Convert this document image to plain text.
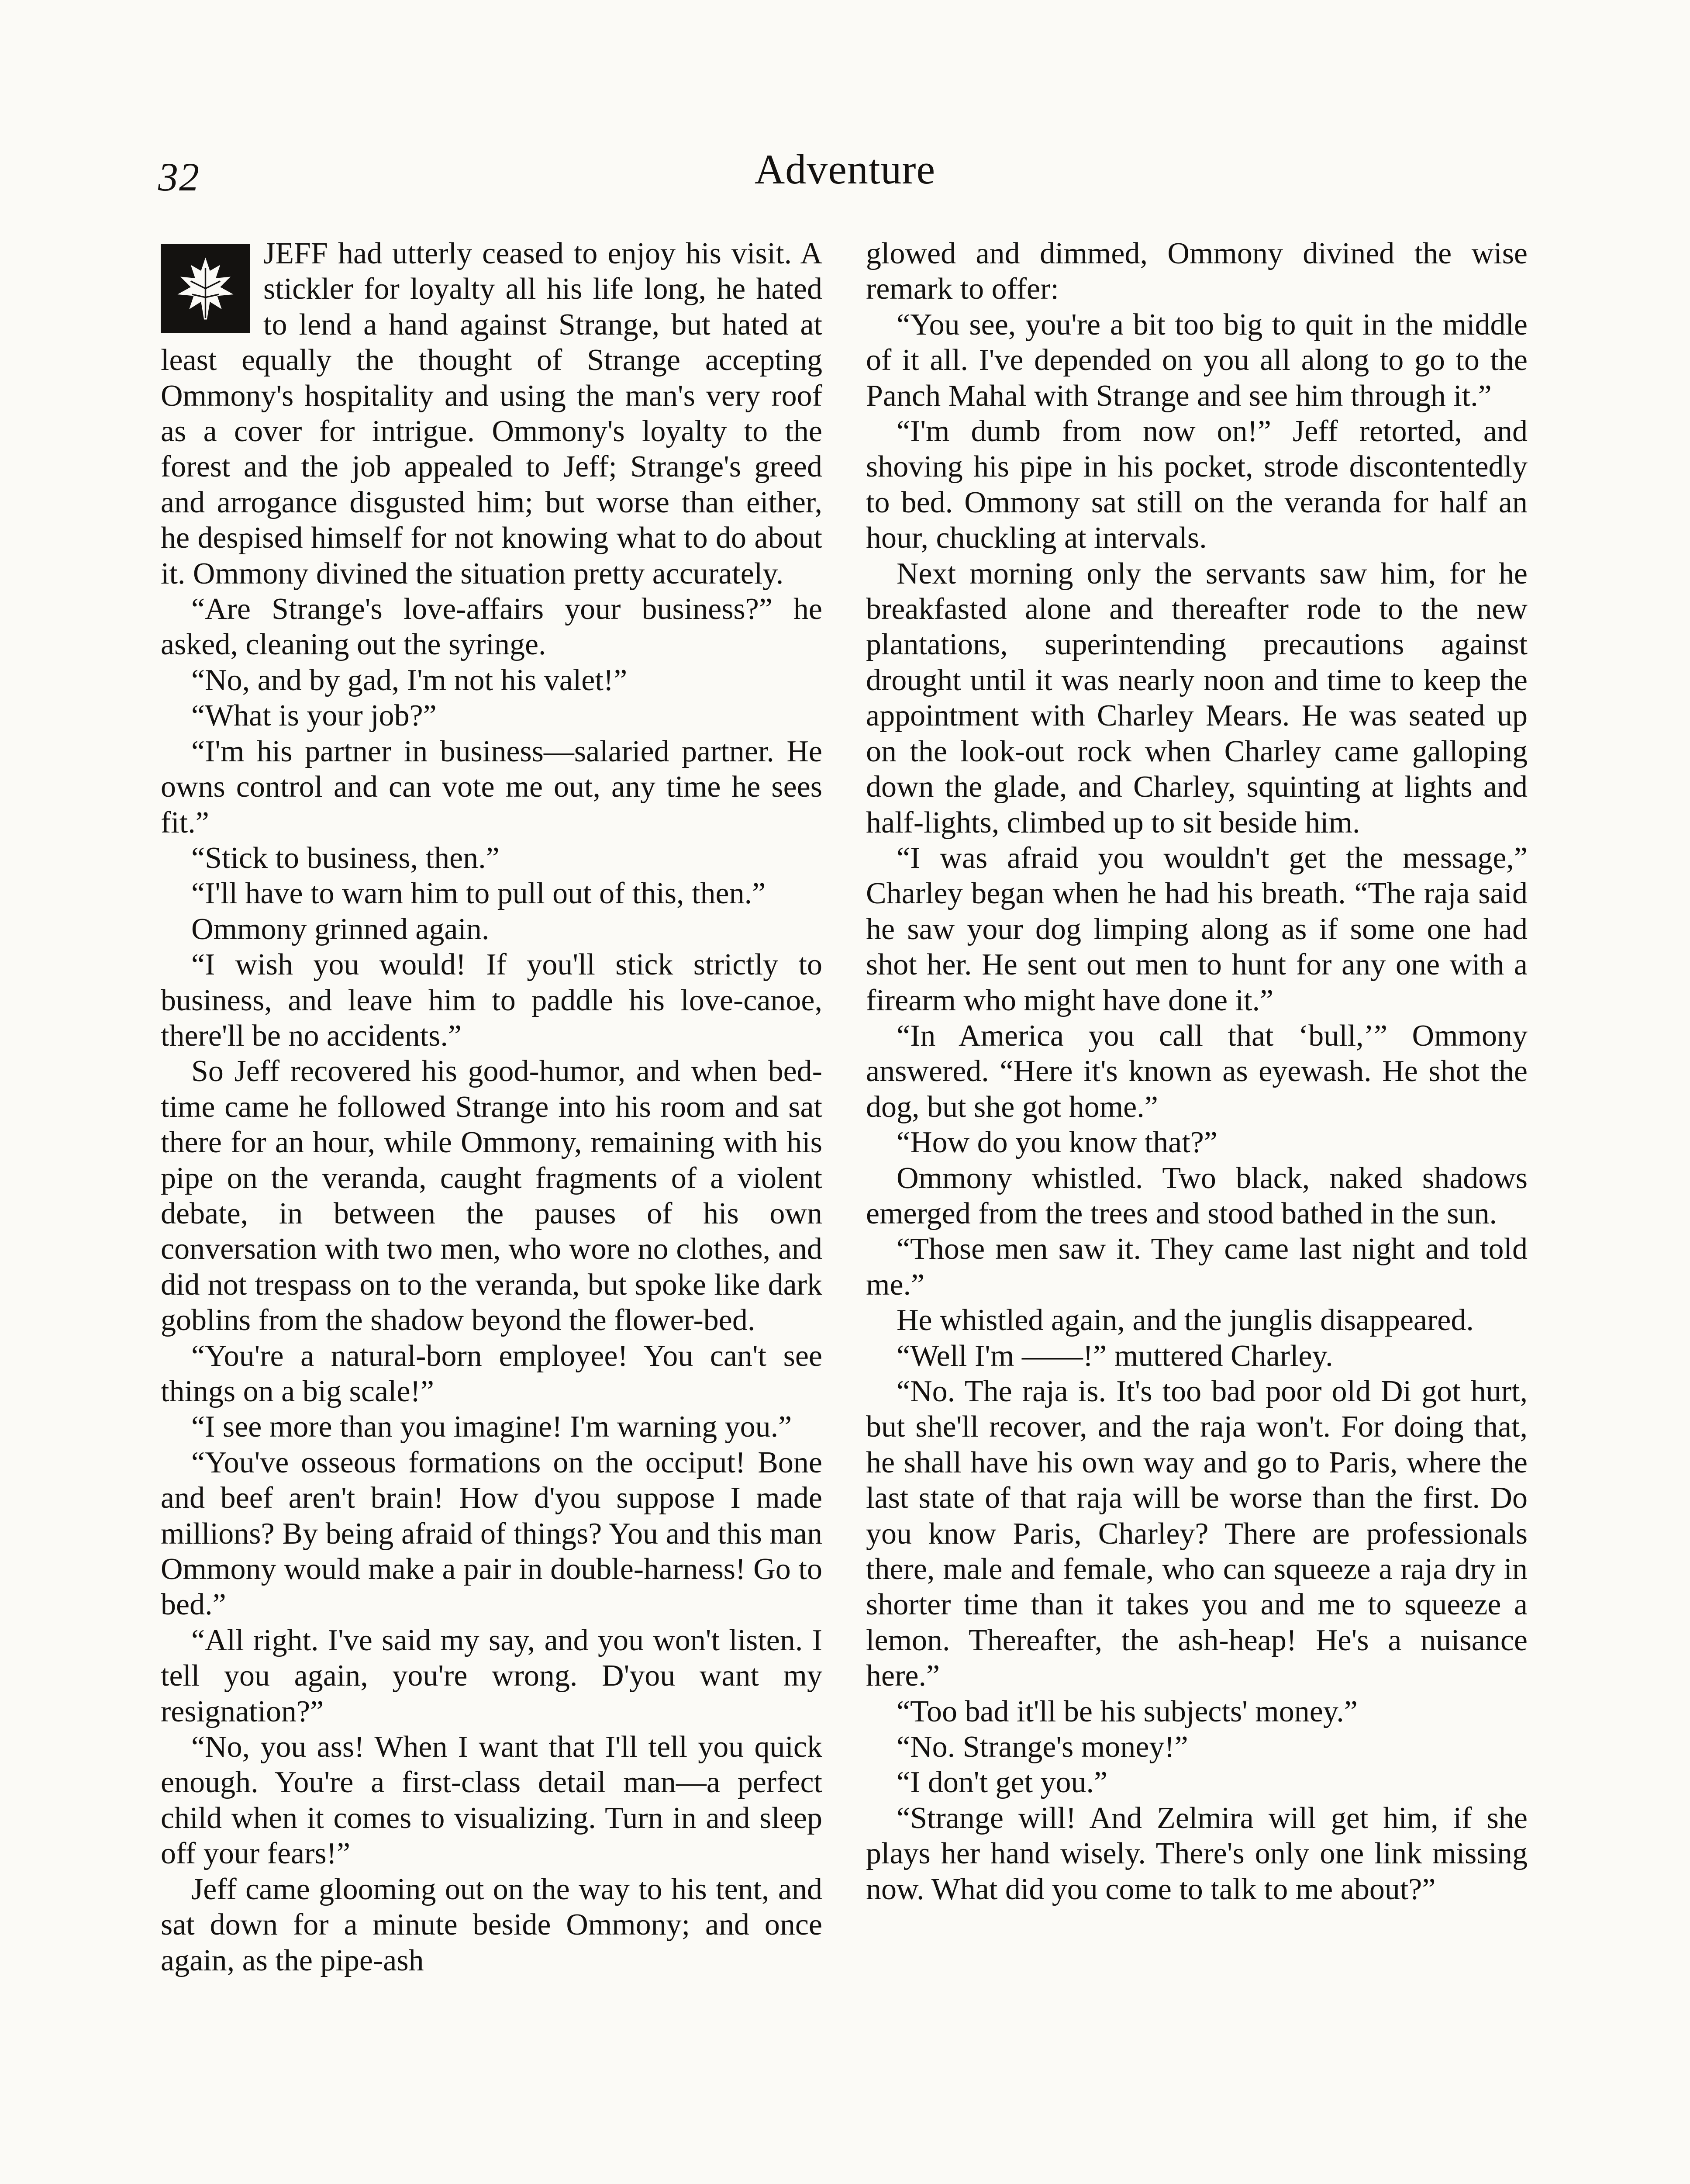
32	Adventure

JEFF had utterly ceased to enjoy his visit. A stickler for loyalty all his life long, he hated to lend a hand against Strange, but hated at least equally the thought of Strange accepting Ommony's hospitality and using the man's very roof as a cover for intrigue. Ommony's loyalty to the forest and the job appealed to Jeff; Strange's greed and arrogance disgusted him; but worse than either, he despised himself for not knowing what to do about it. Ommony divined the situation pretty accurately.

“Are Strange's love-affairs your business?” he asked, cleaning out the syringe.

“No, and by gad, I'm not his valet!”

“What is your job?”

“I'm his partner in business—salaried partner. He owns control and can vote me out, any time he sees fit.”

“Stick to business, then.”

“I'll have to warn him to pull out of this, then.”

Ommony grinned again.

“I wish you would! If you'll stick strictly to business, and leave him to paddle his love-canoe, there'll be no accidents.”

So Jeff recovered his good-humor, and when bed-time came he followed Strange into his room and sat there for an hour, while Ommony, remaining with his pipe on the veranda, caught fragments of a violent debate, in between the pauses of his own conversation with two men, who wore no clothes, and did not trespass on to the veranda, but spoke like dark goblins from the shadow beyond the flower-bed.

“You're a natural-born employee! You can't see things on a big scale!”

“I see more than you imagine! I'm warning you.”

“You've osseous formations on the occiput! Bone and beef aren't brain! How d'you suppose I made millions? By being afraid of things? You and this man Ommony would make a pair in double-harness! Go to bed.”

“All right. I've said my say, and you won't listen. I tell you again, you're wrong. D'you want my resignation?”

“No, you ass! When I want that I'll tell you quick enough. You're a first-class detail man—a perfect child when it comes to visualizing. Turn in and sleep off your fears!”

Jeff came glooming out on the way to his tent, and sat down for a minute beside Ommony; and once again, as the pipe-ash

glowed and dimmed, Ommony divined the wise remark to offer:

“You see, you're a bit too big to quit in the middle of it all. I've depended on you all along to go to the Panch Mahal with Strange and see him through it.”

“I'm dumb from now on!” Jeff retorted, and shoving his pipe in his pocket, strode discontentedly to bed. Ommony sat still on the veranda for half an hour, chuckling at intervals.

Next morning only the servants saw him, for he breakfasted alone and thereafter rode to the new plantations, superintending precautions against drought until it was nearly noon and time to keep the appointment with Charley Mears. He was seated up on the look-out rock when Charley came galloping down the glade, and Charley, squinting at lights and half-lights, climbed up to sit beside him.

“I was afraid you wouldn't get the message,” Charley began when he had his breath. “The raja said he saw your dog limping along as if some one had shot her. He sent out men to hunt for any one with a firearm who might have done it.”

“In America you call that ‘bull,’” Ommony answered. “Here it's known as eyewash. He shot the dog, but she got home.”

“How do you know that?”

Ommony whistled. Two black, naked shadows emerged from the trees and stood bathed in the sun.

“Those men saw it. They came last night and told me.”

He whistled again, and the junglis disappeared.

“Well I'm ——!” muttered Charley.

“No. The raja is. It's too bad poor old Di got hurt, but she'll recover, and the raja won't. For doing that, he shall have his own way and go to Paris, where the last state of that raja will be worse than the first. Do you know Paris, Charley? There are professionals there, male and female, who can squeeze a raja dry in shorter time than it takes you and me to squeeze a lemon. Thereafter, the ash-heap! He's a nuisance here.”

“Too bad it'll be his subjects' money.”

“No. Strange's money!”

“I don't get you.”

“Strange will! And Zelmira will get him, if she plays her hand wisely. There's only one link missing now. What did you come to talk to me about?”
